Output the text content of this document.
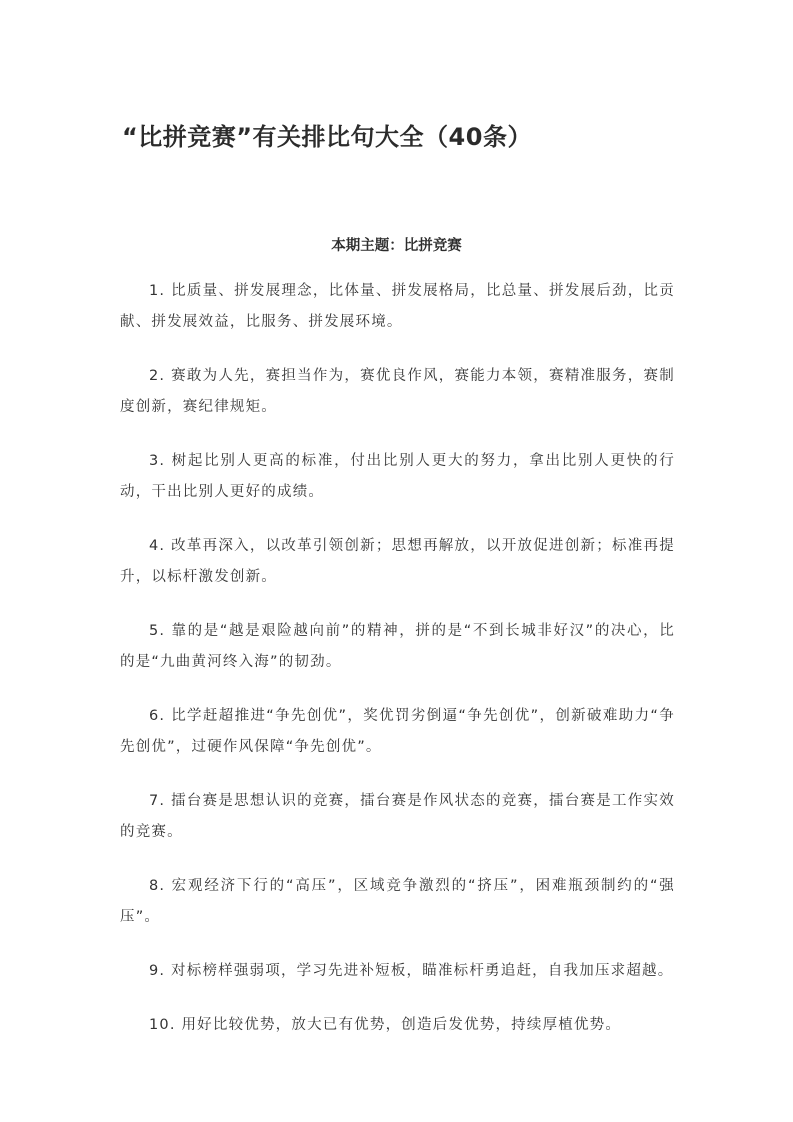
“比拼竞赛”有关排比句大全（40条）

本期主题：比拼竞赛

1. 比质量、拼发展理念，比体量、拼发展格局，比总量、拼发展后劲，比贡献、拼发展效益，比服务、拼发展环境。
2. 赛敢为人先，赛担当作为，赛优良作风，赛能力本领，赛精准服务，赛制度创新，赛纪律规矩。
3. 树起比别人更高的标准，付出比别人更大的努力，拿出比别人更快的行动，干出比别人更好的成绩。
4. 改革再深入，以改革引领创新；思想再解放，以开放促进创新；标准再提升，以标杆激发创新。
5. 靠的是“越是艰险越向前”的精神，拼的是“不到长城非好汉”的决心，比的是“九曲黄河终入海”的韧劲。
6. 比学赶超推进“争先创优”，奖优罚劣倒逼“争先创优”，创新破难助力“争先创优”，过硬作风保障“争先创优”。
7. 擂台赛是思想认识的竞赛，擂台赛是作风状态的竞赛，擂台赛是工作实效的竞赛。
8. 宏观经济下行的“高压”，区域竞争激烈的“挤压”，困难瓶颈制约的“强压”。
9. 对标榜样强弱项，学习先进补短板，瞄准标杆勇追赶，自我加压求超越。
10. 用好比较优势，放大已有优势，创造后发优势，持续厚植优势。
